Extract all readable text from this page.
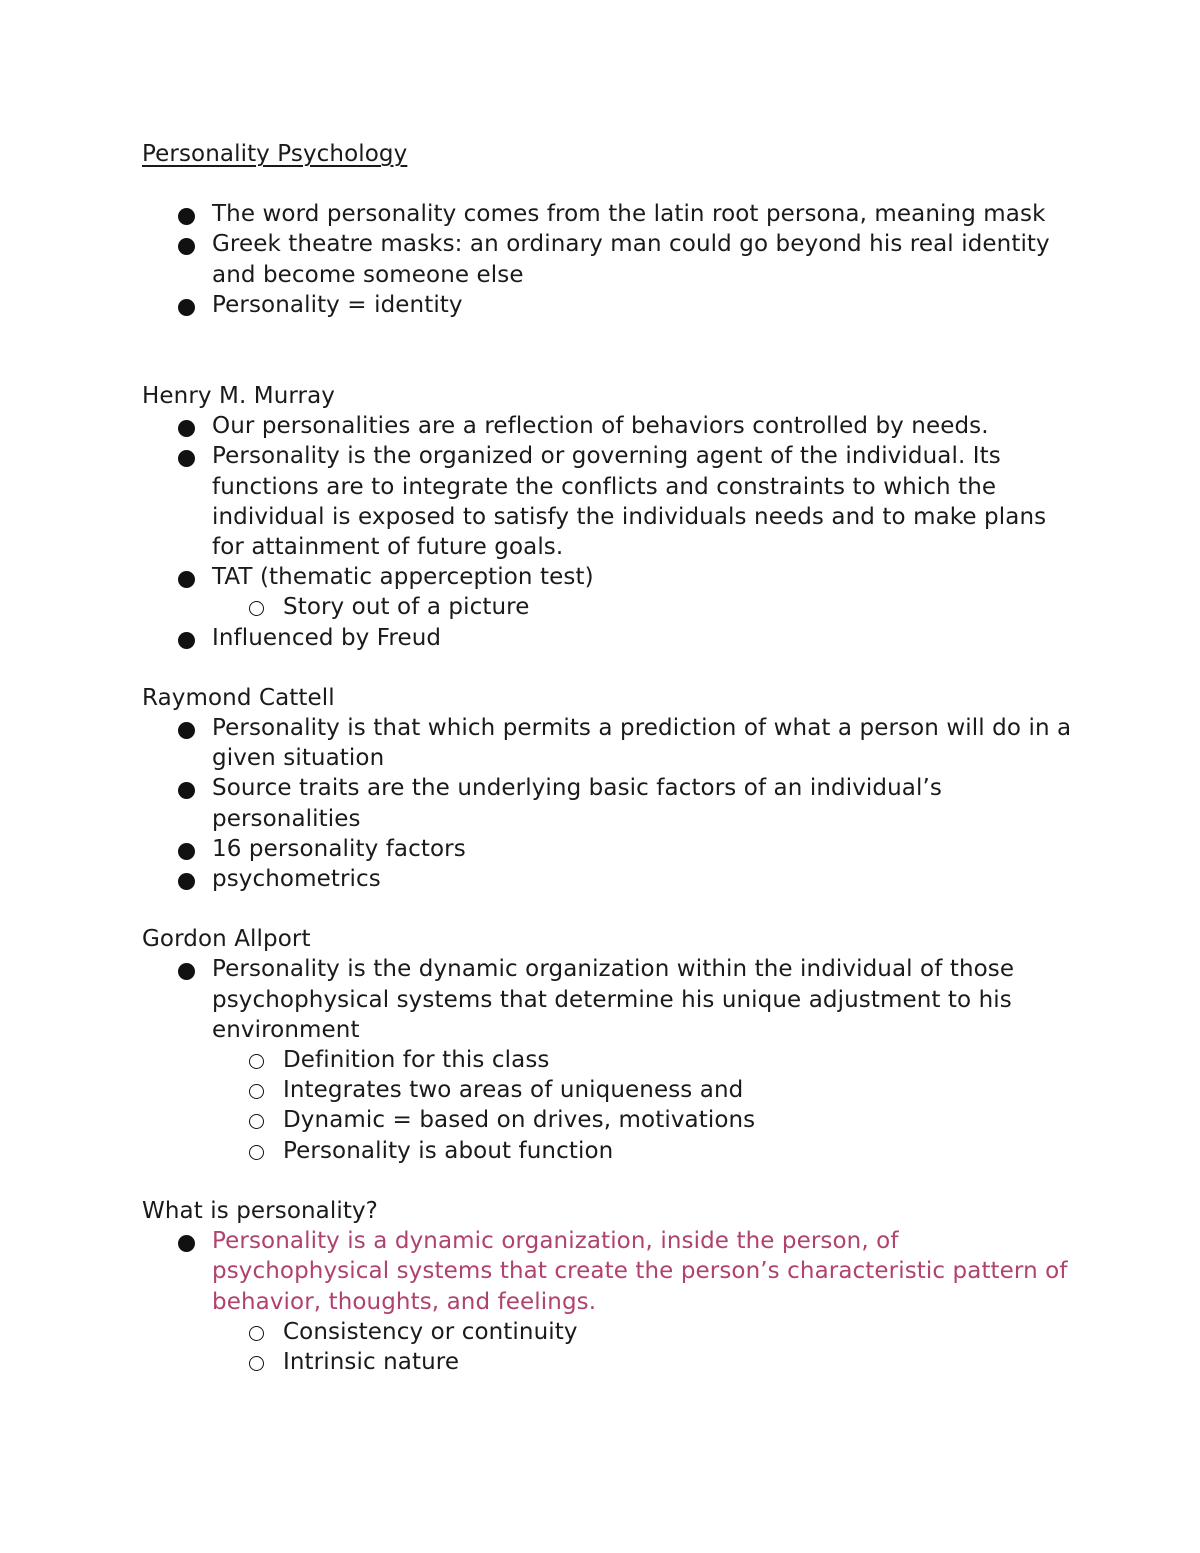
Personality Psychology
The word personality comes from the latin root persona, meaning mask
Greek theatre masks: an ordinary man could go beyond his real identity and become someone else
Personality = identity
Henry M. Murray
Our personalities are a reflection of behaviors controlled by needs.
Personality is the organized or governing agent of the individual. Its functions are to integrate the conflicts and constraints to which the individual is exposed to satisfy the individuals needs and to make plans for attainment of future goals.
TAT (thematic apperception test)
Story out of a picture
Influenced by Freud
Raymond Cattell
Personality is that which permits a prediction of what a person will do in a given situation
Source traits are the underlying basic factors of an individual’s personalities
16 personality factors
psychometrics
Gordon Allport
Personality is the dynamic organization within the individual of those psychophysical systems that determine his unique adjustment to his environment
Definition for this class
Integrates two areas of uniqueness and
Dynamic = based on drives, motivations
Personality is about function
What is personality?
Personality is a dynamic organization, inside the person, of psychophysical systems that create the person’s characteristic pattern of behavior, thoughts, and feelings.
Consistency or continuity
Intrinsic nature
